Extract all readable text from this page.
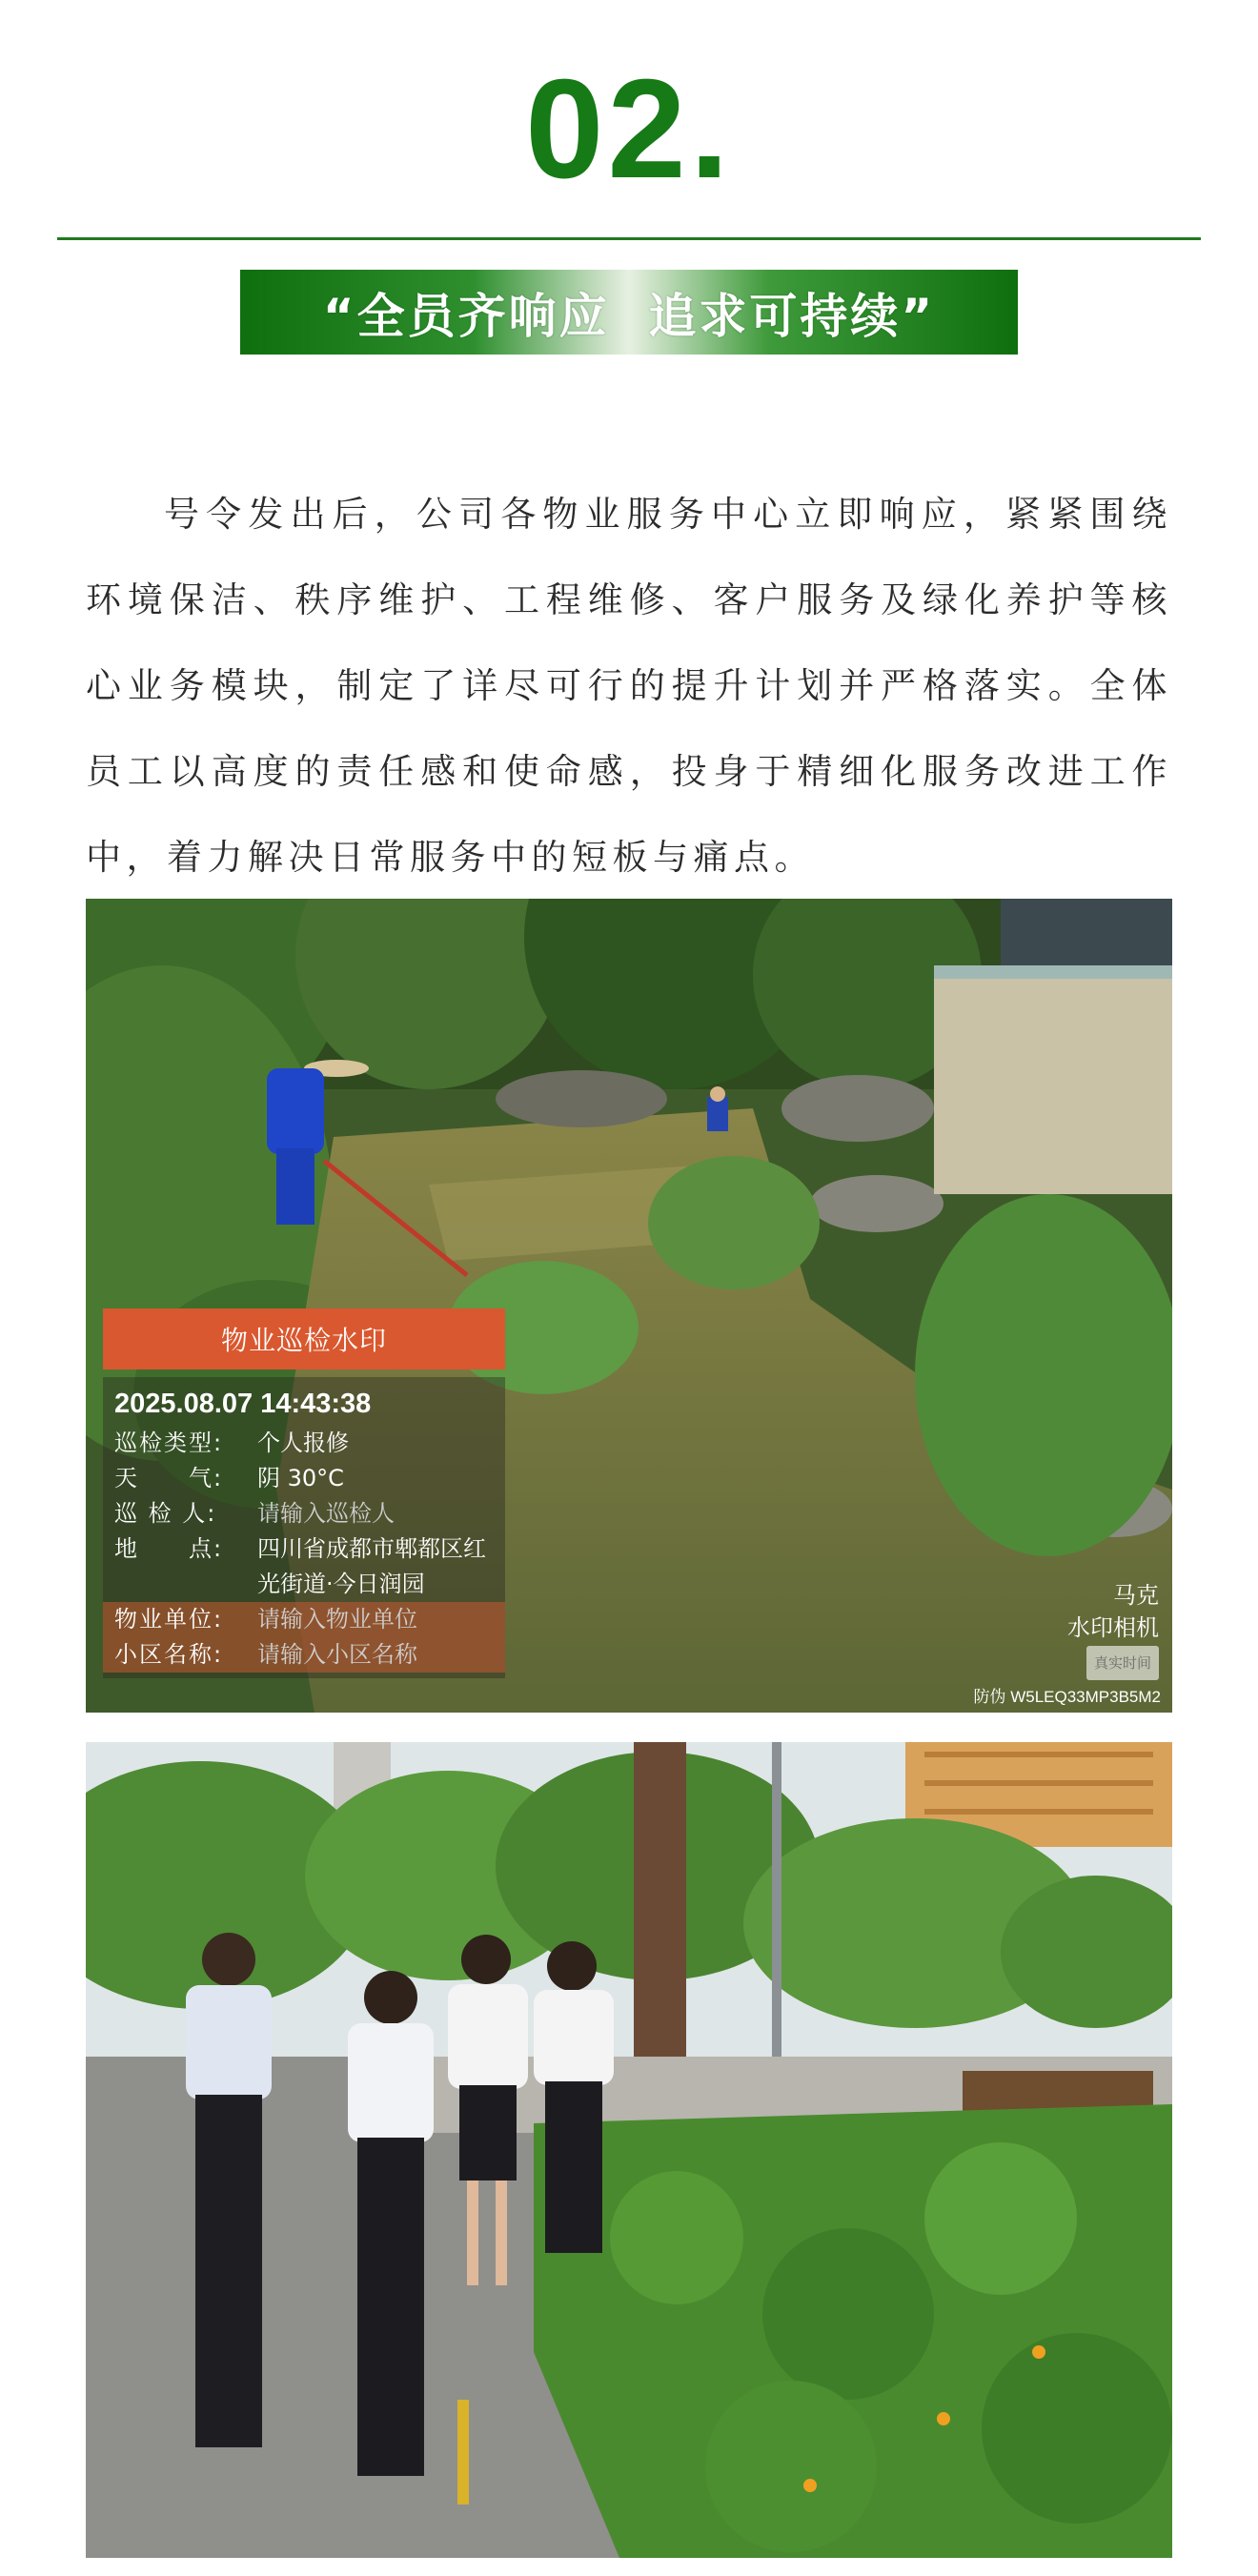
02.
“全员齐响应  追求可持续”

号令发出后，公司各物业服务中心立即响应，紧紧围绕环境保洁、秩序维护、工程维修、客户服务及绿化养护等核心业务模块，制定了详尽可行的提升计划并严格落实。全体员工以高度的责任感和使命感，投身于精细化服务改进工作中，着力解决日常服务中的短板与痛点。

物业巡检水印
2025.08.07 14:43:38
巡检类型:	个人报修
天　　气:	阴 30°C
巡 检 人:	请输入巡检人
地　　点:	四川省成都市郫都区红光街道·今日润园
物业单位:	请输入物业单位
小区名称:	请输入小区名称
马克
水印相机
真实时间
防伪 W5LEQ33MP3B5M2
